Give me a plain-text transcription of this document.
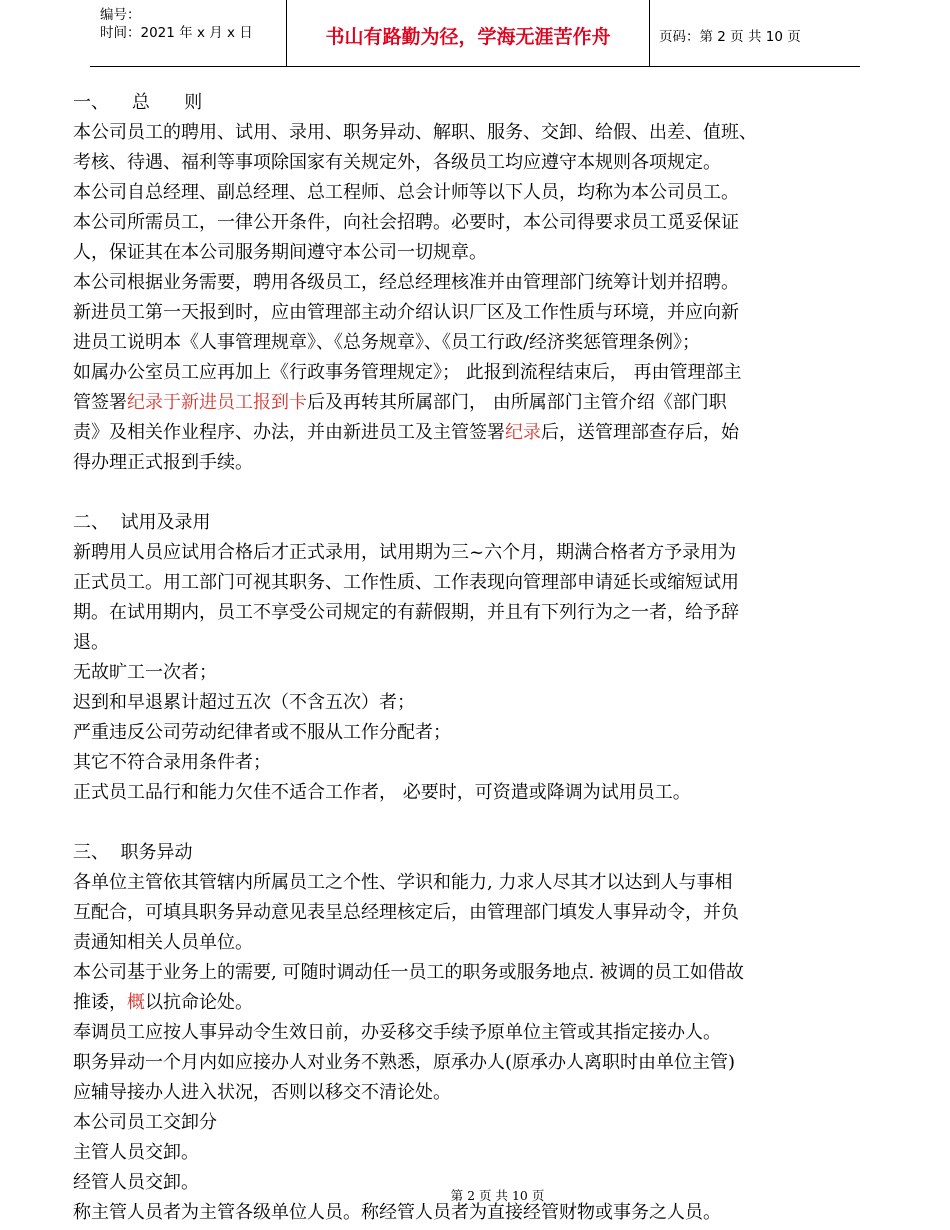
编号：
时间：2021 年 x 月 x 日	书山有路勤为径，学海无涯苦作舟	页码：第 2 页 共 10 页
一、    总      则
本公司员工的聘用、试用、录用、职务异动、解职、服务、交卸、给假、出差、值班、
考核、待遇、福利等事项除国家有关规定外，各级员工均应遵守本规则各项规定。
本公司自总经理、副总经理、总工程师、总会计师等以下人员，均称为本公司员工。
本公司所需员工，一律公开条件，向社会招聘。必要时，本公司得要求员工觅妥保证
人，保证其在本公司服务期间遵守本公司一切规章。
本公司根据业务需要，聘用各级员工，经总经理核准并由管理部门统筹计划并招聘。
新进员工第一天报到时，应由管理部主动介绍认识厂区及工作性质与环境，并应向新
进员工说明本《人事管理规章》、《总务规章》、《员工行政/经济奖惩管理条例》；
如属办公室员工应再加上《行政事务管理规定》； 此报到流程结束后， 再由管理部主
管签署纪录于新进员工报到卡后及再转其所属部门， 由所属部门主管介绍《部门职
责》及相关作业程序、办法，并由新进员工及主管签署纪录后，送管理部查存后，始
得办理正式报到手续。
二、  试用及录用
新聘用人员应试用合格后才正式录用，试用期为三~六个月，期满合格者方予录用为
正式员工。用工部门可视其职务、工作性质、工作表现向管理部申请延长或缩短试用
期。在试用期内，员工不享受公司规定的有薪假期，并且有下列行为之一者，给予辞
退。
无故旷工一次者；
迟到和早退累计超过五次（不含五次）者；
严重违反公司劳动纪律者或不服从工作分配者；
其它不符合录用条件者；
正式员工品行和能力欠佳不适合工作者， 必要时，可资遣或降调为试用员工。
三、  职务异动
各单位主管依其管辖内所属员工之个性、学识和能力, 力求人尽其才以达到人与事相
互配合，可填具职务异动意见表呈总经理核定后，由管理部门填发人事异动令，并负
责通知相关人员单位。
本公司基于业务上的需要, 可随时调动任一员工的职务或服务地点. 被调的员工如借故
推诿，概以抗命论处。
奉调员工应按人事异动令生效日前，办妥移交手续予原单位主管或其指定接办人。
职务异动一个月内如应接办人对业务不熟悉，原承办人(原承办人离职时由单位主管)
应辅导接办人进入状况，否则以移交不清论处。
本公司员工交卸分
主管人员交卸。
经管人员交卸。
称主管人员者为主管各级单位人员。称经管人员者为直接经管财物或事务之人员。
第 2 页 共 10 页
